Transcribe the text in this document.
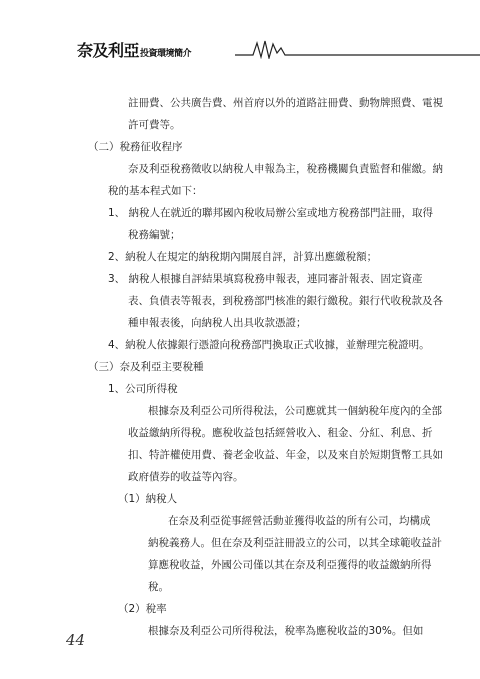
奈及利亞投資環境簡介
註冊費、公共廣告費、州首府以外的道路註冊費、動物牌照費、電視
許可費等。
（二）稅務征收程序
奈及利亞稅務徵收以納稅人申報為主，稅務機關負責監督和催繳。納
稅的基本程式如下：
1、 納稅人在就近的聯邦國內稅收局辦公室或地方稅務部門註冊，取得
稅務編號；
2、納稅人在規定的納稅期內開展自評，計算出應繳稅額；
3、 納稅人根據自評結果填寫稅務申報表，連同審計報表、固定資產
表、負債表等報表，到稅務部門核准的銀行繳稅。銀行代收稅款及各
種申報表後，向納稅人出具收款憑證；
4、納稅人依據銀行憑證向稅務部門換取正式收據，並辦理完稅證明。
（三）奈及利亞主要稅種
1、公司所得稅
根據奈及利亞公司所得稅法，公司應就其一個納稅年度內的全部
收益繳納所得稅。應稅收益包括經營收入、租金、分紅、利息、折
扣、特許權使用費、養老金收益、年金，以及來自於短期貨幣工具如
政府債券的收益等內容。
（1）納稅人
在奈及利亞從事經營活動並獲得收益的所有公司，均構成
納稅義務人。但在奈及利亞註冊設立的公司，以其全球範收益計
算應稅收益，外國公司僅以其在奈及利亞獲得的收益繳納所得
稅。
（2）稅率
根據奈及利亞公司所得稅法，稅率為應稅收益的30%。但如
44
